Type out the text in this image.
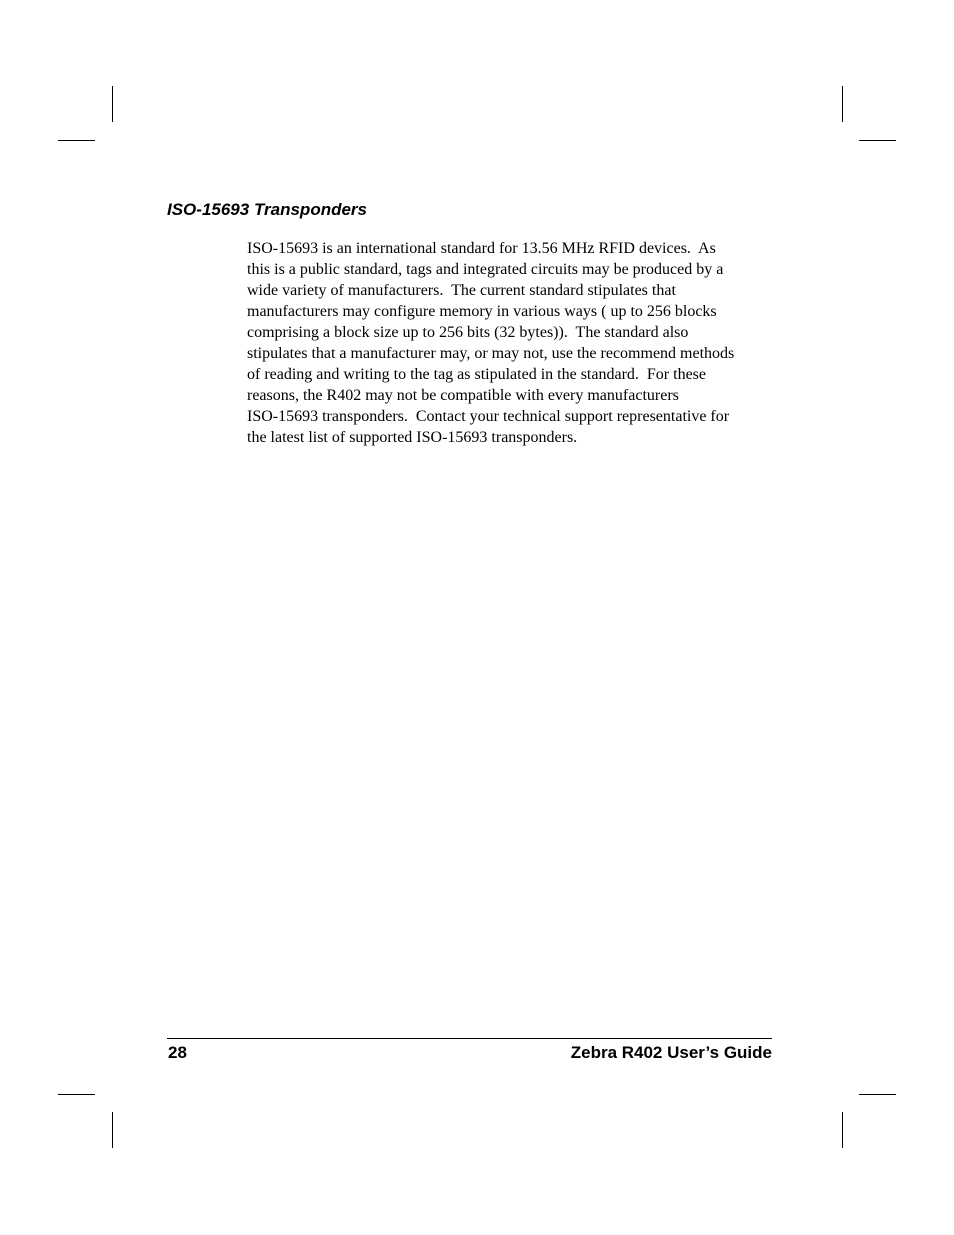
ISO-15693 Transponders
ISO-15693 is an international standard for 13.56 MHz RFID devices.  As
this is a public standard, tags and integrated circuits may be produced by a
wide variety of manufacturers.  The current standard stipulates that
manufacturers may configure memory in various ways ( up to 256 blocks
comprising a block size up to 256 bits (32 bytes)).  The standard also
stipulates that a manufacturer may, or may not, use the recommend methods
of reading and writing to the tag as stipulated in the standard.  For these
reasons, the R402 may not be compatible with every manufacturers
ISO-15693 transponders.  Contact your technical support representative for
the latest list of supported ISO-15693 transponders.
28	Zebra R402 User’s Guide
